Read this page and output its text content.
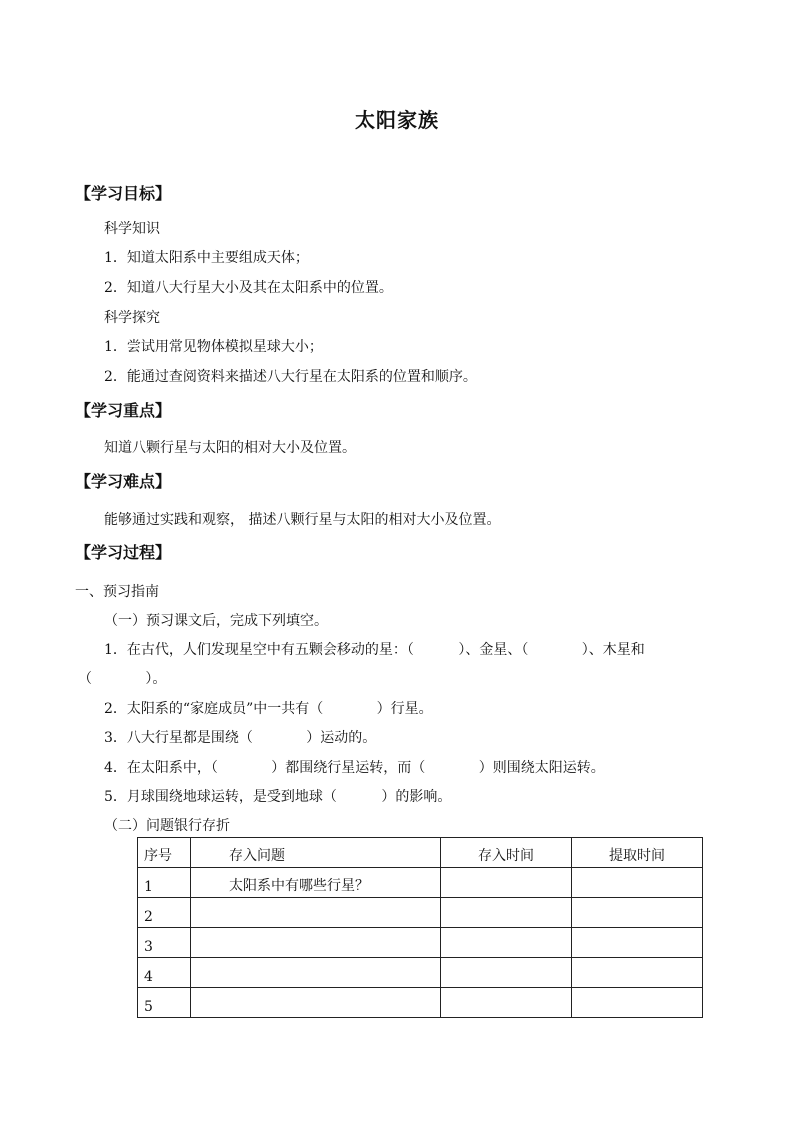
太阳家族
【学习目标】
科学知识
1．知道太阳系中主要组成天体；
2．知道八大行星大小及其在太阳系中的位置。
科学探究
1．尝试用常见物体模拟星球大小；
2．能通过查阅资料来描述八大行星在太阳系的位置和顺序。
【学习重点】
知道八颗行星与太阳的相对大小及位置。
【学习难点】
能够通过实践和观察， 描述八颗行星与太阳的相对大小及位置。
【学习过程】
一、预习指南
（一）预习课文后，完成下列填空。
1．在古代，人们发现星空中有五颗会移动的星：（          ）、金星、（            ）、木星和
（            ）。
2．太阳系的“家庭成员”中一共有（            ）行星。
3．八大行星都是围绕（            ）运动的。
4．在太阳系中，（            ）都围绕行星运转，而（            ）则围绕太阳运转。
5．月球围绕地球运转，是受到地球（          ）的影响。
（二）问题银行存折
序号	存入问题	存入时间	提取时间
1	太阳系中有哪些行星？		
2			
3			
4			
5			
